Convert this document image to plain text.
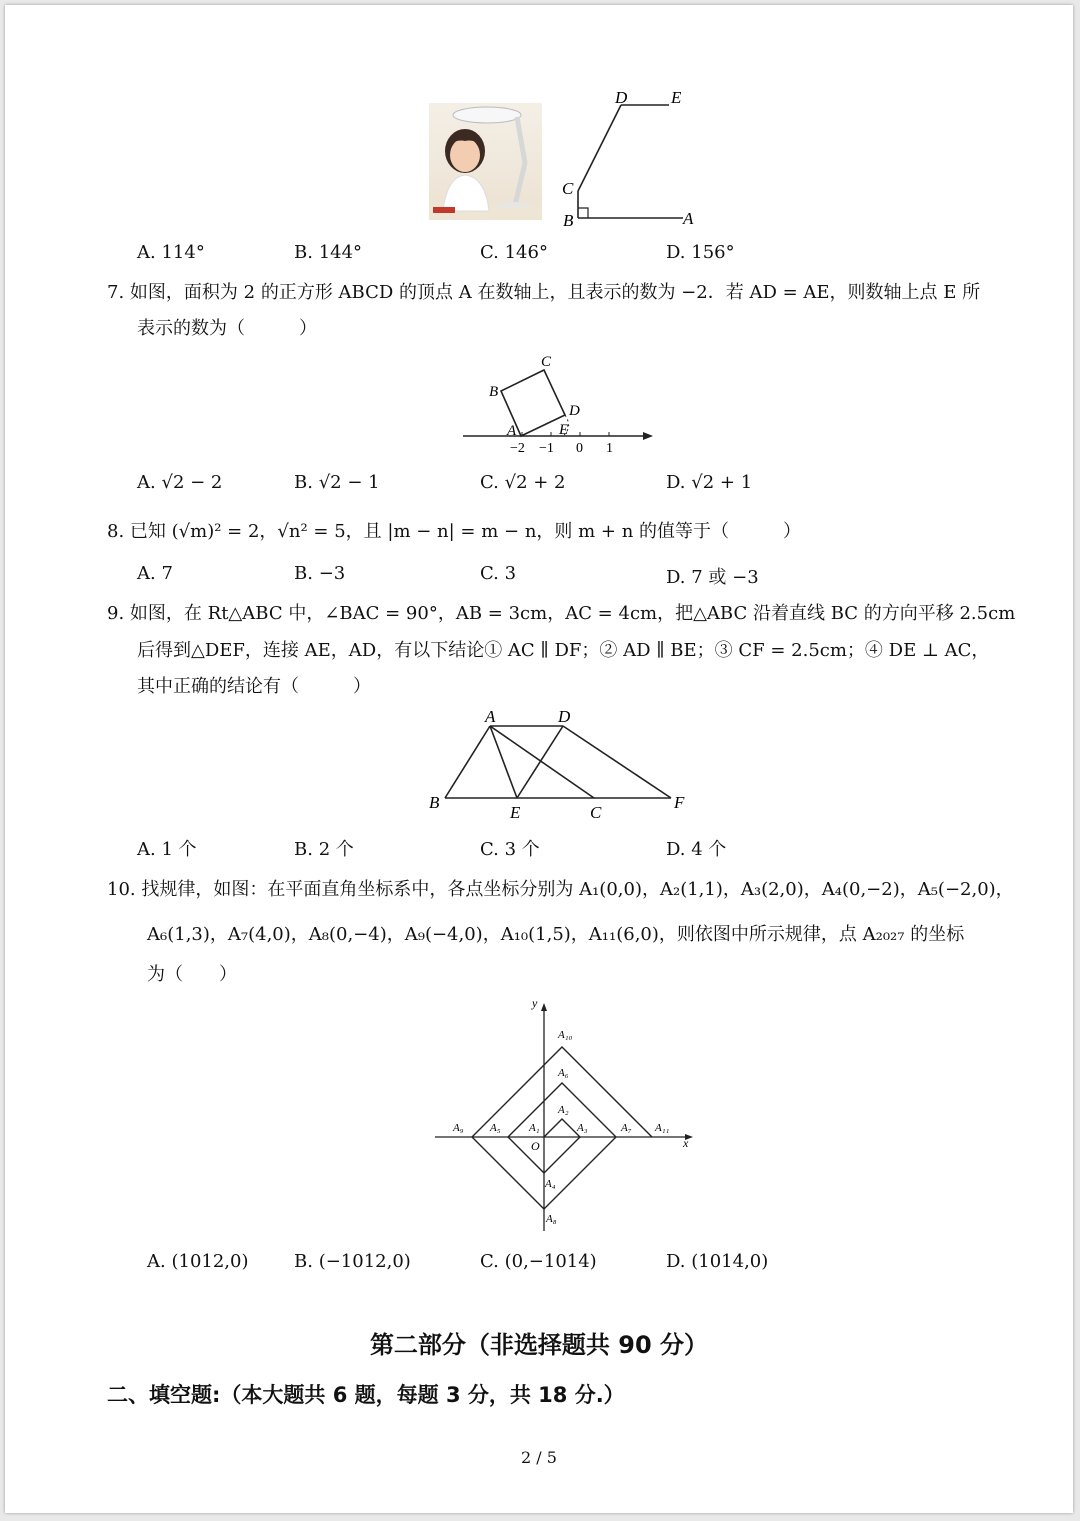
D	E
C
B	A
A. 114°	B. 144°	C. 146°	D. 156°
7. 如图，面积为 2 的正方形 ABCD 的顶点 A 在数轴上，且表示的数为 −2．若 AD = AE，则数轴上点 E 所
表示的数为（　　　）
A
B
C
D
E
−2 −1 0 1
A. √2 − 2	B. √2 − 1	C. √2 + 2	D. √2 + 1
8. 已知 (√m)² = 2，√n² = 5，且 |m − n| = m − n，则 m + n 的值等于（　　　）
A. 7	B. −3	C. 3	D. 7 或 −3
9. 如图，在 Rt△ABC 中，∠BAC = 90°，AB = 3cm，AC = 4cm，把△ABC 沿着直线 BC 的方向平移 2.5cm
后得到△DEF，连接 AE，AD，有以下结论① AC ∥ DF；② AD ∥ BE；③ CF = 2.5cm；④ DE ⊥ AC，
其中正确的结论有（　　　）
A	D
B
E	C
F
A. 1 个	B. 2 个	C. 3 个	D. 4 个
10. 找规律，如图：在平面直角坐标系中，各点坐标分别为 A₁(0,0)，A₂(1,1)，A₃(2,0)，A₄(0,−2)，A₅(−2,0)，
A₆(1,3)，A₇(4,0)，A₈(0,−4)，A₉(−4,0)，A₁₀(1,5)，A₁₁(6,0)，则依图中所示规律，点 A₂₀₂₇ 的坐标
为（　　）
y
x
O
A₁
A₂
A₃
A₄
A₅
A₆
A₇
A₈
A₉
A₁₀
A₁₁
A. (1012,0)	B. (−1012,0)	C. (0,−1014)	D. (1014,0)
第二部分（非选择题共 90 分）
二、填空题:（本大题共 6 题，每题 3 分，共 18 分.）
2 / 5
